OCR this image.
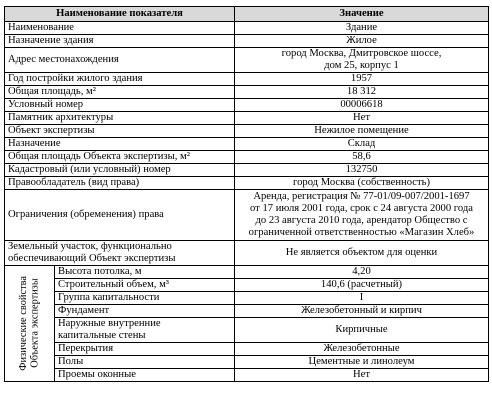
Наименование показателя		Значение
Наименование		Здание
Назначение здания		Жилое
Адрес местонахождения		город Москва, Дмитровское шоссе,
дом 25, корпус 1
Год постройки жилого здания		1957
Общая площадь, м²		18 312
Условный номер		00006618
Памятник архитектуры		Нет
Объект экспертизы		Нежилое помещение
Назначение		Склад
Общая площадь Объекта экспертизы, м²		58,6
Кадастровый (или условный) номер		132750
Правообладатель (вид права)		город Москва (собственность)
Ограничения (обременения) права		Аренда, регистрация № 77-01/09-007/2001-1697
от 17 июля 2001 года, срок с 24 августа 2000 года
до 23 августа 2010 года, арендатор Общество с
ограниченной ответственностью «Магазин Хлеб»
Земельный участок, функционально
обеспечивающий Объект экспертизы		Не является объектом для оценки

Физические свойства
Объекта экспертизы	Высота потолка, м	4,20
	Строительный объем, м³	140,6 (расчетный)
	Группа капитальности	I
	Фундамент	Железобетонный и кирпич
	Наружные внутренние
капитальные стены	Кирпичные
	Перекрытия	Железобетонные
	Полы	Цементные и линолеум
	Проемы оконные	Нет
